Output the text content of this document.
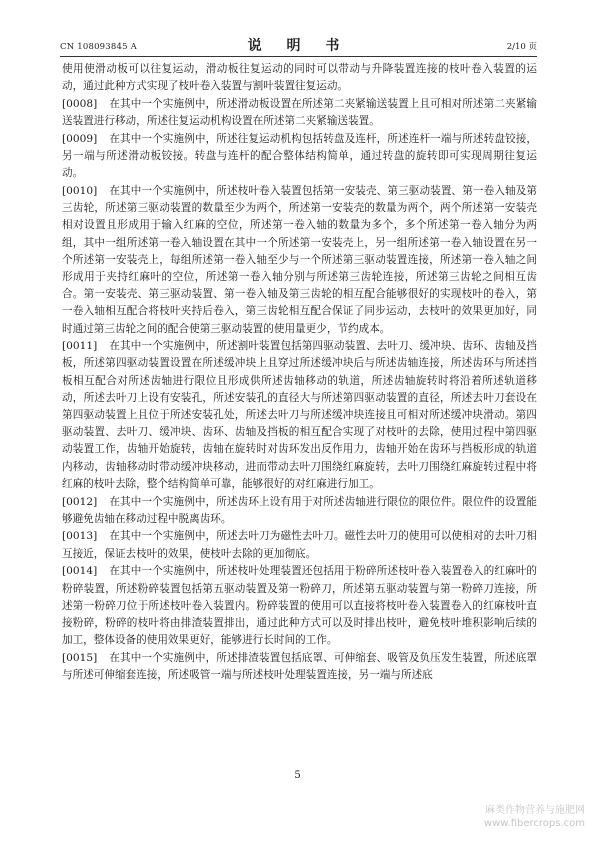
CN 108093845 A	说 明 书	2/10 页

使用使滑动板可以往复运动，滑动板往复运动的同时可以带动与升降装置连接的枝叶卷入装置的运动，通过此种方式实现了枝叶卷入装置与割叶装置往复运动。

[0008] 在其中一个实施例中，所述滑动板设置在所述第二夹紧输送装置上且可相对所述第二夹紧输送装置进行移动，所述往复运动机构设置在所述第二夹紧输送装置。

[0009] 在其中一个实施例中，所述往复运动机构包括转盘及连杆，所述连杆一端与所述转盘铰接，另一端与所述滑动板铰接。转盘与连杆的配合整体结构简单，通过转盘的旋转即可实现周期往复运动。

[0010] 在其中一个实施例中，所述枝叶卷入装置包括第一安装壳、第三驱动装置、第一卷入轴及第三齿轮，所述第三驱动装置的数量至少为两个，所述第一安装壳的数量为两个，两个所述第一安装壳相对设置且形成用于输入红麻的空位，所述第一卷入轴的数量为多个，多个所述第一卷入轴分为两组，其中一组所述第一卷入轴设置在其中一个所述第一安装壳上，另一组所述第一卷入轴设置在另一个所述第一安装壳上，每组所述第一卷入轴至少与一个所述第三驱动装置连接，所述第一卷入轴之间形成用于夹持红麻叶的空位，所述第一卷入轴分别与所述第三齿轮连接，所述第三齿轮之间相互齿合。第一安装壳、第三驱动装置、第一卷入轴及第三齿轮的相互配合能够很好的实现枝叶的卷入，第一卷入轴相互配合将枝叶夹持后卷入，第三齿轮相互配合保证了同步运动，去枝叶的效果更加好，同时通过第三齿轮之间的配合使第三驱动装置的使用量更少，节约成本。

[0011] 在其中一个实施例中，所述割叶装置包括第四驱动装置、去叶刀、缓冲块、齿环、齿轴及挡板，所述第四驱动装置设置在所述缓冲块上且穿过所述缓冲块后与所述齿轴连接，所述齿环与所述挡板相互配合对所述齿轴进行限位且形成供所述齿轴移动的轨道，所述齿轴旋转时将沿着所述轨道移动，所述去叶刀上设有安装孔，所述安装孔的直径大与所述第四驱动装置的直径，所述去叶刀套设在第四驱动装置上且位于所述安装孔处，所述去叶刀与所述缓冲块连接且可相对所述缓冲块滑动。第四驱动装置、去叶刀、缓冲块、齿环、齿轴及挡板的相互配合实现了对枝叶的去除，使用过程中第四驱动装置工作，齿轴开始旋转，齿轴在旋转时对齿环发出反作用力，齿轴开始在齿环与挡板形成的轨道内移动，齿轴移动时带动缓冲块移动，进而带动去叶刀围绕红麻旋转，去叶刀围绕红麻旋转过程中将红麻的枝叶去除，整个结构简单可靠，能够很好的对红麻进行加工。

[0012] 在其中一个实施例中，所述齿环上设有用于对所述齿轴进行限位的限位件。限位件的设置能够避免齿轴在移动过程中脱离齿环。

[0013] 在其中一个实施例中，所述去叶刀为磁性去叶刀。磁性去叶刀的使用可以使相对的去叶刀相互接近，保证去枝叶的效果，使枝叶去除的更加彻底。

[0014] 在其中一个实施例中，所述枝叶处理装置还包括用于粉碎所述枝叶卷入装置卷入的红麻叶的粉碎装置，所述粉碎装置包括第五驱动装置及第一粉碎刀，所述第五驱动装置与第一粉碎刀连接，所述第一粉碎刀位于所述枝叶卷入装置内。粉碎装置的使用可以直接将枝叶卷入装置卷入的红麻枝叶直接粉碎，粉碎的枝叶将由排渣装置排出，通过此种方式可以及时排出枝叶，避免枝叶堆积影响后续的加工，整体设备的使用效果更好，能够进行长时间的工作。

[0015] 在其中一个实施例中，所述排渣装置包括底罩、可伸缩套、吸管及负压发生装置，所述底罩与所述可伸缩套连接，所述吸管一端与所述枝叶处理装置连接，另一端与所述底

5
麻类作物营养与施肥网
www.fibercrops.com
